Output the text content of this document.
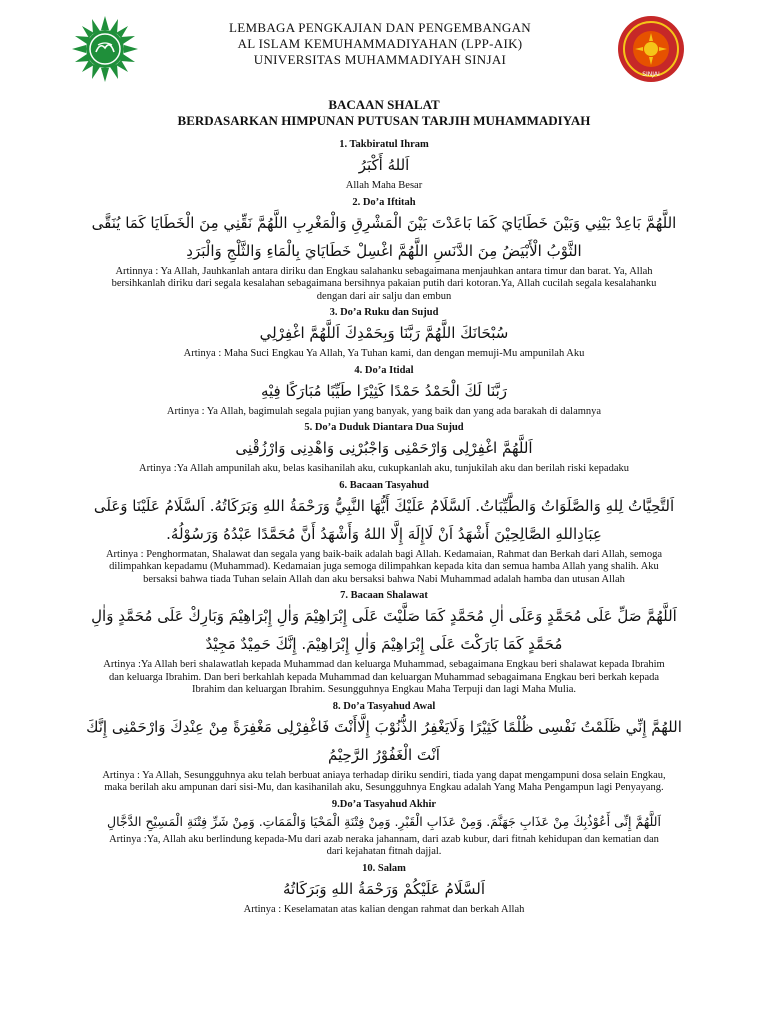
LEMBAGA PENGKAJIAN DAN PENGEMBANGAN
AL ISLAM KEMUHAMMADIYAHAN (LPP-AIK)
UNIVERSITAS MUHAMMADIYAH SINJAI
SINJAI
BACAAN SHALAT
BERDASARKAN HIMPUNAN PUTUSAN TARJIH MUHAMMADIYAH
1. Takbiratul Ihram
اَللهُ أَكْبَرُ
Allah Maha Besar
2. Do’a Iftitah
اللَّهُمَّ بَاعِدْ بَيْنِي وَبَيْنَ خَطَايَايَ كَمَا بَاعَدْتَ بَيْنَ الْمَشْرِقِ وَالْمَغْرِبِ اللَّهُمَّ نَقِّنِي مِنَ الْخَطَايَا كَمَا يُنَقَّى الثَّوْبُ الْأَبْيَضُ مِنَ الدَّنَسِ اللَّهُمَّ اغْسِلْ خَطَايَايَ بِالْمَاءِ وَالثَّلْجِ وَالْبَرَدِ
Artinnya : Ya Allah, Jauhkanlah antara diriku dan Engkau salahanku sebagaimana menjauhkan antara timur dan barat. Ya, Allah bersihkanlah diriku dari segala kesalahan sebagaimana bersihnya pakaian putih dari kotoran.Ya, Allah cucilah segala kesalahanku dengan dari air salju dan embun
3. Do’a Ruku dan Sujud
سُبْحَانَكَ اللَّهُمَّ رَبَّنَا وَبِحَمْدِكَ اَللَّهُمَّ اغْفِرْلِي
Artinya : Maha Suci Engkau Ya Allah, Ya Tuhan kami, dan dengan memuji-Mu ampunilah Aku
4. Do’a Itidal
رَبَّنَا لَكَ الْحَمْدُ حَمْدًا كَثِيْرًا طَيِّبًا مُبَارَكًا فِيْهِ
Artinya : Ya Allah, bagimulah segala pujian yang banyak, yang baik dan yang ada barakah di dalamnya
5. Do’a Duduk Diantara Dua Sujud
اَللَّهُمَّ اغْفِرْلِى وَارْحَمْنِى وَاجْبُرْنِى وَاهْدِنِى وَارْزُقْنِى
Artinya :Ya Allah ampunilah aku, belas kasihanilah aku, cukupkanlah aku, tunjukilah aku dan berilah riski kepadaku
6. Bacaan Tasyahud
اَلتَّحِيَّاتُ لِلهِ وَالصَّلَوَاتُ وَالطَّيِّبَاتُ. اَلسَّلَامُ عَلَيْكَ أَيُّهَا النَّبِيُّ وَرَحْمَةُ اللهِ وَبَرَكَاتُهُ. اَلسَّلَامُ عَلَيْنَا وَعَلَى عِبَادِاللهِ الصَّالِحِيْنَ أَشْهَدُ اَنْ لَاإِلَهَ إِلَّا اللهُ وَأَشْهَدُ أَنَّ مُحَمَّدًا عَبْدُهُ وَرَسُوْلُهُ.
Artinya : Penghormatan, Shalawat dan segala yang baik-baik adalah bagi Allah. Kedamaian, Rahmat dan Berkah dari Allah, semoga dilimpahkan kepadamu (Muhammad). Kedamaian juga semoga dilimpahkan kepada kita dan semua hamba Allah yang shalih. Aku bersaksi bahwa tiada Tuhan selain Allah dan aku bersaksi bahwa Nabi Muhammad adalah hamba dan utusan Allah
7. Bacaan Shalawat
اَللَّهُمَّ صَلِّ عَلَى مُحَمَّدٍ وَعَلَى اٰلِ مُحَمَّدٍ كَمَا صَلَّيْتَ عَلَى إِبْرَاهِيْمَ وَاٰلِ إِبْرَاهِيْمَ وَبَارِكْ عَلَى مُحَمَّدٍ وَاٰلِ مُحَمَّدٍ كَمَا بَارَكْتَ عَلَى إِبْرَاهِيْمَ وَاٰلِ إِبْرَاهِيْمَ. إِنَّكَ حَمِيْدٌ مَجِيْدٌ
Artinya :Ya Allah beri shalawatlah kepada Muhammad dan keluarga Muhammad, sebagaimana Engkau beri shalawat kepada Ibrahim dan keluarga Ibrahim. Dan beri berkahlah kepada Muhammad dan keluargan Muhammad sebagaimana Engkau beri berkah kepada Ibrahim dan keluargan Ibrahim. Sesungguhnya Engkau Maha Terpuji dan lagi Maha Mulia.
8. Do’a Tasyahud Awal
اللهُمَّ إِنِّي ظَلَمْتُ نَفْسِى ظُلْمًا كَثِيْرًا وَلَايَغْفِرُ الذُّنُوْبَ إِلَّاأَنْتَ فَاغْفِرْلِى مَغْفِرَةً مِنْ عِنْدِكَ وَارْحَمْنِى إِنَّكَ اَنْتَ الْغَفُوْرُ الرَّحِيْمُ
Artinya : Ya Allah, Sesungguhnya aku telah berbuat aniaya terhadap diriku sendiri, tiada yang dapat mengampuni dosa selain Engkau, maka berilah aku ampunan dari sisi-Mu, dan kasihanilah aku, Sesungguhnya Engkau adalah Yang Maha Pengampun lagi Penyayang.
9.Do’a Tasyahud Akhir
اَللَّهُمَّ إِنِّى أَعُوْذُبِكَ مِنْ عَذَابِ جَهَنَّمَ. وَمِنْ عَذَابِ الْقَبْرِ. وَمِنْ فِتْنَةِ الْمَحْيَا وَالْمَمَاتِ. وَمِنْ شَرِّ فِتْنَةِ الْمَسِيْحِ الدَّجَّالِ
Artinya :Ya, Allah aku berlindung kepada-Mu dari azab neraka jahannam, dari azab kubur, dari fitnah kehidupan dan kematian dan dari kejahatan fitnah dajjal.
10. Salam
اَلسَّلَامُ عَلَيْكُمْ وَرَحْمَةُ اللهِ وَبَرَكَاتُهُ
Artinya : Keselamatan atas kalian dengan rahmat dan berkah Allah
